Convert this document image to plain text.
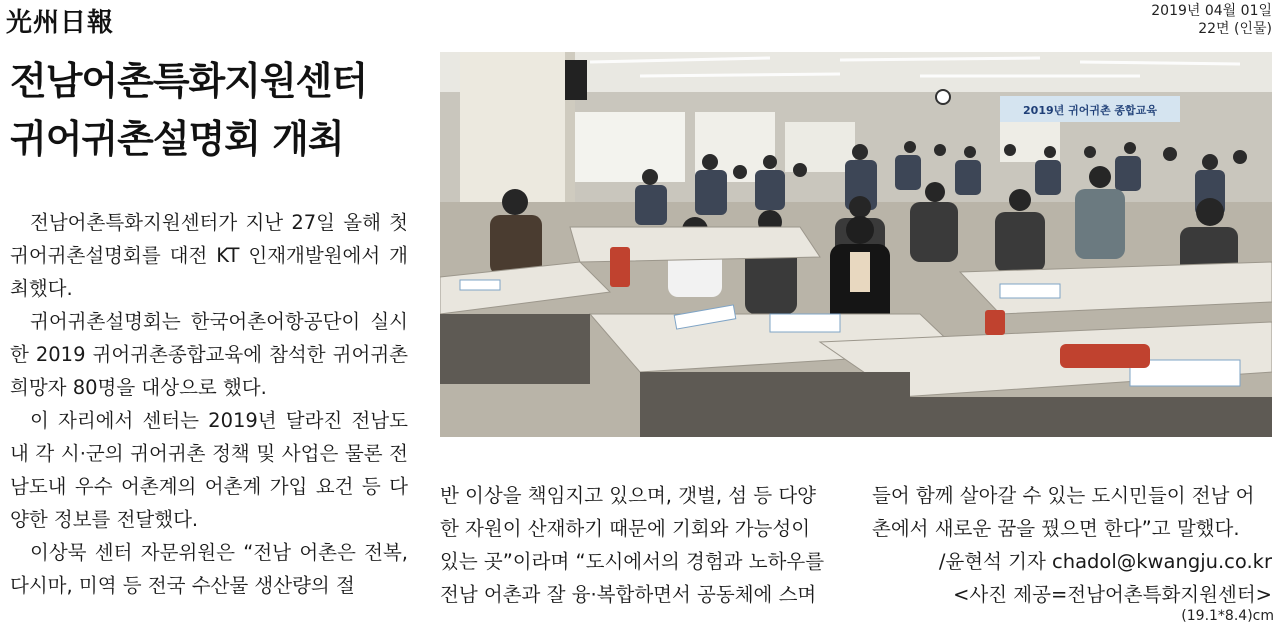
光州日報	2019년 04월 01일
22면 (인물)
전남어촌특화지원센터
귀어귀촌설명회 개최

전남어촌특화지원센터가 지난 27일 올해 첫 귀어귀촌설명회를 대전 KT 인재개발원에서 개최했다.

귀어귀촌설명회는 한국어촌어항공단이 실시한 2019 귀어귀촌종합교육에 참석한 귀어귀촌희망자 80명을 대상으로 했다.

이 자리에서 센터는 2019년 달라진 전남도내 각 시·군의 귀어귀촌 정책 및 사업은 물론 전남도내 우수 어촌계의 어촌계 가입 요건 등 다양한 정보를 전달했다.

이상묵 센터 자문위원은 “전남 어촌은 전복, 다시마, 미역 등 전국 수산물 생산량의 절

2019년 귀어귀촌 종합교육
반 이상을 책임지고 있으며, 갯벌, 섬 등 다양
한 자원이 산재하기 때문에 기회와 가능성이
있는 곳”이라며 “도시에서의 경험과 노하우를
전남 어촌과 잘 융·복합하면서 공동체에 스며
들어 함께 살아갈 수 있는 도시민들이 전남 어
촌에서 새로운 꿈을 꿨으면 한다”고 말했다.
/윤현석 기자 chadol@kwangju.co.kr
<사진 제공=전남어촌특화지원센터>
(19.1*8.4)cm
